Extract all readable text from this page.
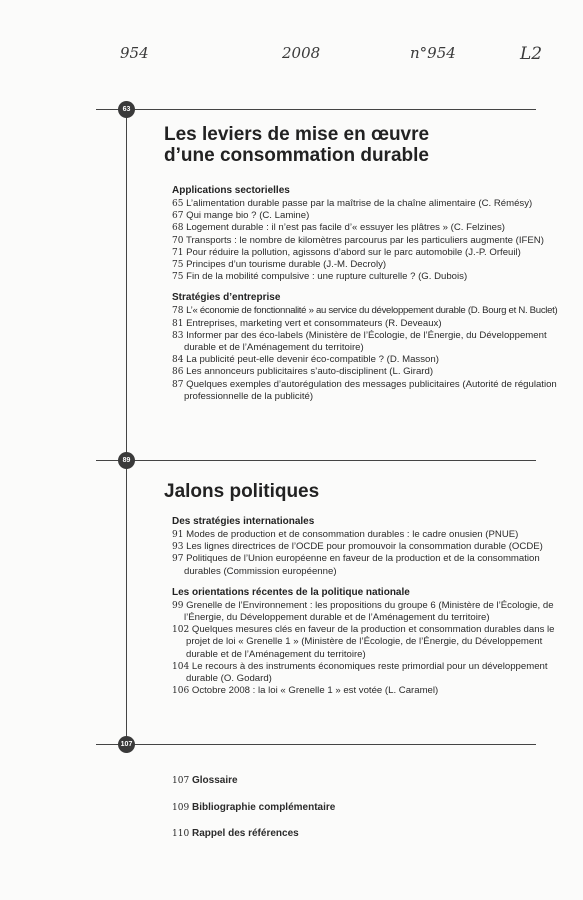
954	2008	n°954	L2
63
Les leviers de mise en œuvre
d’une consommation durable
Applications sectorielles
65 L’alimentation durable passe par la maîtrise de la chaîne alimentaire (C. Rémésy)
67 Qui mange bio ? (C. Lamine)
68 Logement durable : il n’est pas facile d’« essuyer les plâtres » (C. Felzines)
70 Transports : le nombre de kilomètres parcourus par les particuliers augmente (IFEN)
71 Pour réduire la pollution, agissons d’abord sur le parc automobile (J.-P. Orfeuil)
75 Principes d’un tourisme durable (J.-M. Decroly)
75 Fin de la mobilité compulsive : une rupture culturelle ? (G. Dubois)
Stratégies d’entreprise
78 L’« économie de fonctionnalité » au service du développement durable (D. Bourg et N. Buclet)
81 Entreprises, marketing vert et consommateurs (R. Deveaux)
83 Informer par des éco-labels (Ministère de l’Écologie, de l’Énergie, du Développement durable et de l’Aménagement du territoire)
84 La publicité peut-elle devenir éco-compatible ? (D. Masson)
86 Les annonceurs publicitaires s’auto-disciplinent (L. Girard)
87 Quelques exemples d’autorégulation des messages publicitaires (Autorité de régulation professionnelle de la publicité)
89
Jalons politiques
Des stratégies internationales
91 Modes de production et de consommation durables : le cadre onusien (PNUE)
93 Les lignes directrices de l’OCDE pour promouvoir la consommation durable (OCDE)
97 Politiques de l’Union européenne en faveur de la production et de la consommation durables (Commission européenne)
Les orientations récentes de la politique nationale
99 Grenelle de l’Environnement : les propositions du groupe 6 (Ministère de l’Écologie, de l’Énergie, du Développement durable et de l’Aménagement du territoire)
102 Quelques mesures clés en faveur de la production et consommation durables dans le projet de loi « Grenelle 1 » (Ministère de l’Écologie, de l’Énergie, du Développement durable et de l’Aménagement du territoire)
104 Le recours à des instruments économiques reste primordial pour un développement durable (O. Godard)
106 Octobre 2008 : la loi « Grenelle 1 » est votée (L. Caramel)
107
107 Glossaire
109 Bibliographie complémentaire
110 Rappel des références
